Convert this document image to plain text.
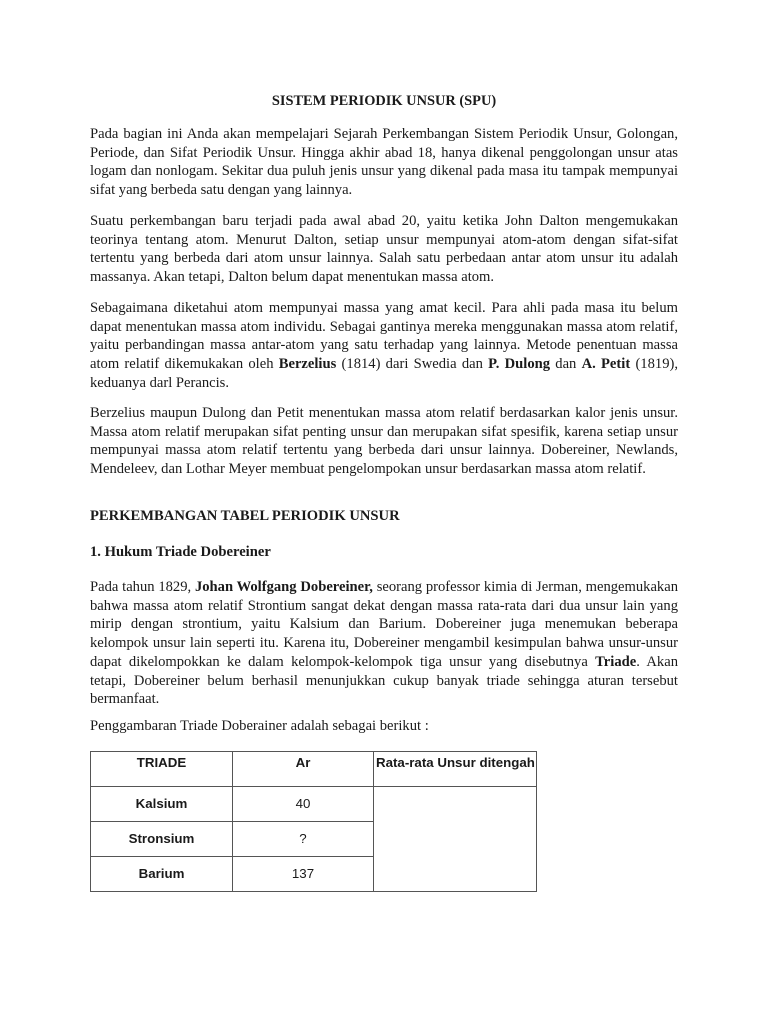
SISTEM PERIODIK UNSUR (SPU)

Pada bagian ini Anda akan mempelajari Sejarah Perkembangan Sistem Periodik Unsur, Golongan, Periode, dan Sifat Periodik Unsur. Hingga akhir abad 18, hanya dikenal penggolongan unsur atas logam dan nonlogam. Sekitar dua puluh jenis unsur yang dikenal pada masa itu tampak mempunyai sifat yang berbeda satu dengan yang lainnya.

Suatu perkembangan baru terjadi pada awal abad 20, yaitu ketika John Dalton mengemukakan teorinya tentang atom. Menurut Dalton, setiap unsur mempunyai atom-atom dengan sifat-sifat tertentu yang berbeda dari atom unsur lainnya. Salah satu perbedaan antar atom unsur itu adalah massanya. Akan tetapi, Dalton belum dapat menentukan massa atom.

Sebagaimana diketahui atom mempunyai massa yang amat kecil. Para ahli pada masa itu belum dapat menentukan massa atom individu. Sebagai gantinya mereka menggunakan massa atom relatif, yaitu perbandingan massa antar-atom yang satu terhadap yang lainnya. Metode penentuan massa atom relatif dikemukakan oleh Berzelius (1814) dari Swedia dan P. Dulong dan A. Petit (1819), keduanya darl Perancis.

Berzelius maupun Dulong dan Petit menentukan massa atom relatif berdasarkan kalor jenis unsur. Massa atom relatif merupakan sifat penting unsur dan merupakan sifat spesifik, karena setiap unsur mempunyai massa atom relatif tertentu yang berbeda dari unsur lainnya. Dobereiner, Newlands, Mendeleev, dan Lothar Meyer membuat pengelompokan unsur berdasarkan massa atom relatif.

PERKEMBANGAN TABEL PERIODIK UNSUR
1. Hukum Triade Dobereiner

Pada tahun 1829, Johan Wolfgang Dobereiner, seorang professor kimia di Jerman, mengemukakan bahwa massa atom relatif Strontium sangat dekat dengan massa rata-rata dari dua unsur lain yang mirip dengan strontium, yaitu Kalsium dan Barium. Dobereiner juga menemukan beberapa kelompok unsur lain seperti itu. Karena itu, Dobereiner mengambil kesimpulan bahwa unsur-unsur dapat dikelompokkan ke dalam kelompok-kelompok tiga unsur yang disebutnya Triade. Akan tetapi, Dobereiner belum berhasil menunjukkan cukup banyak triade sehingga aturan tersebut bermanfaat.

Penggambaran Triade Doberainer adalah sebagai berikut :

TRIADE	Ar	Rata-rata Unsur ditengah

Kalsium	40	

Stronsium	?	

Barium	137	
